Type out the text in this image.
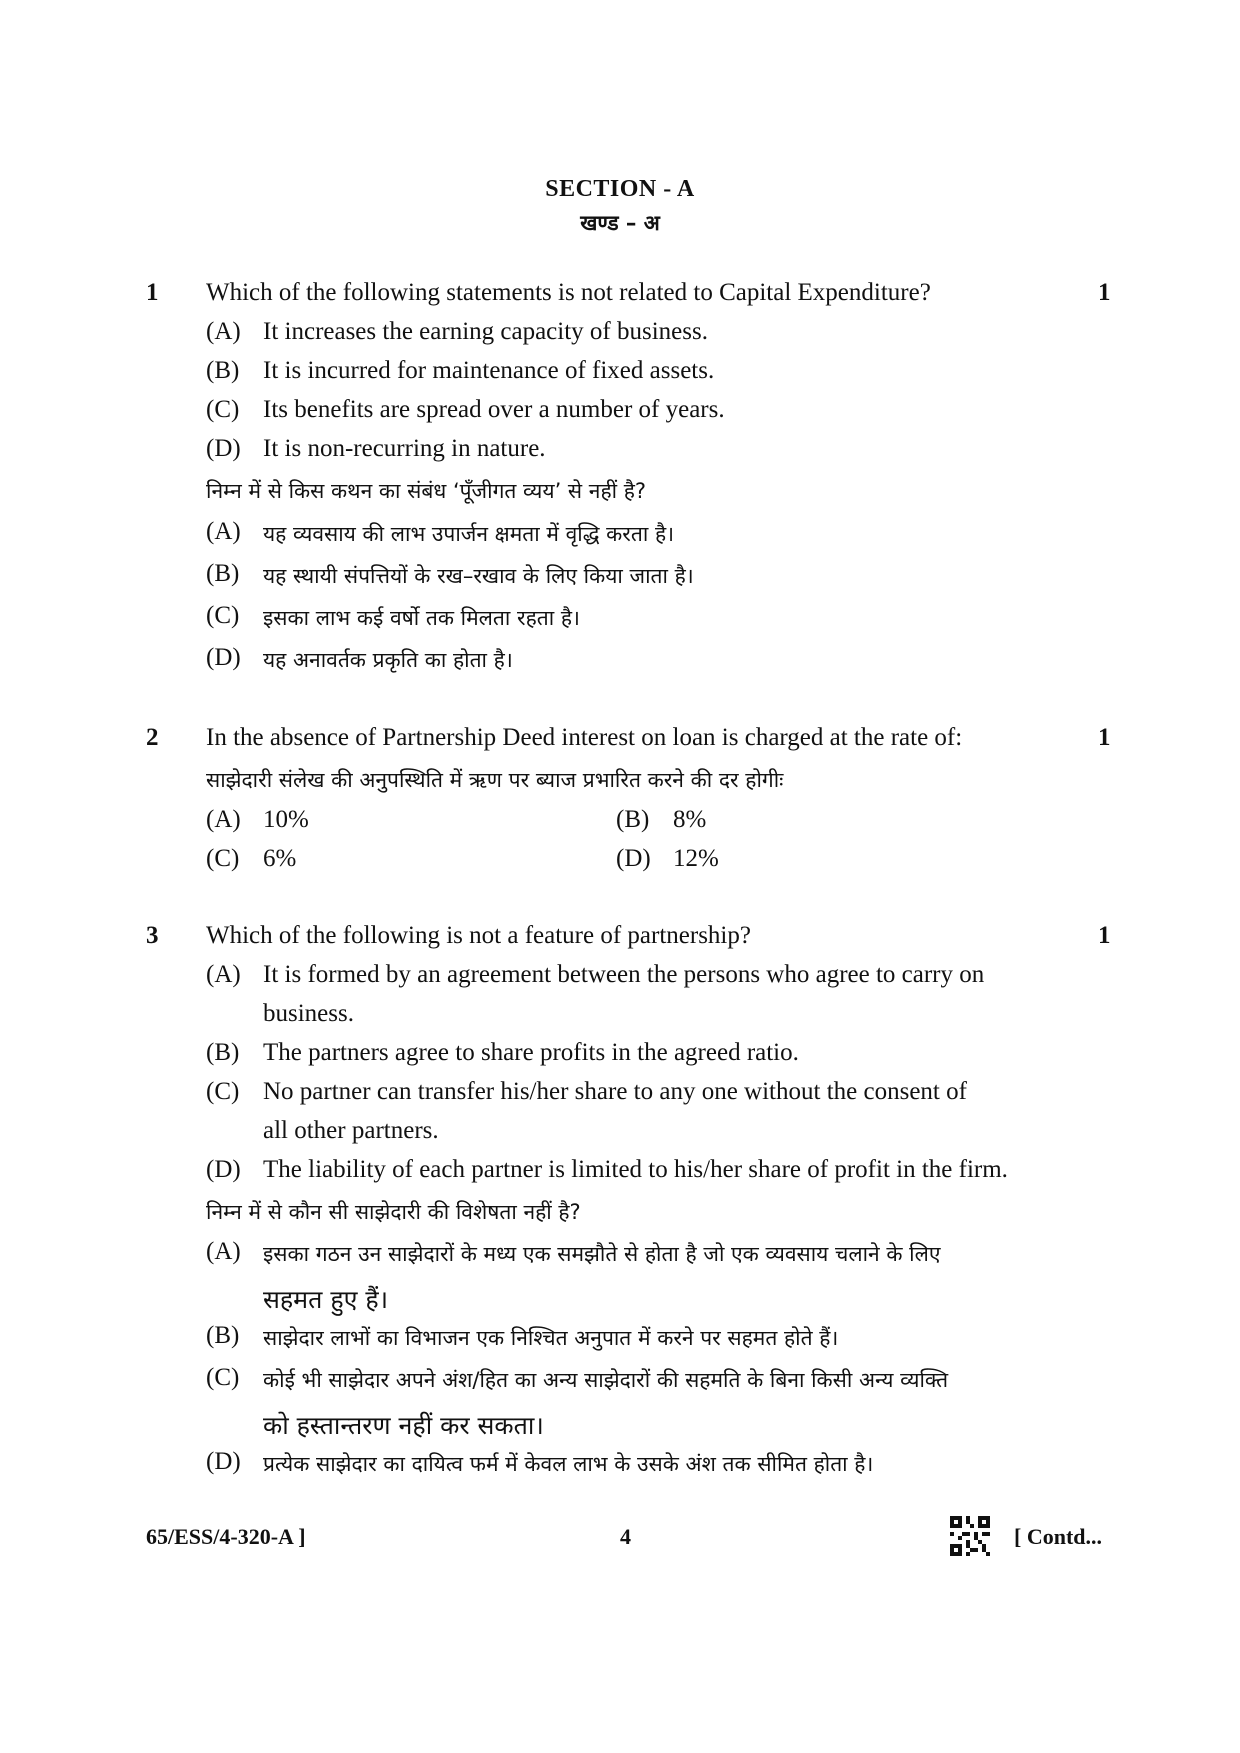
SECTION - A
खण्ड – अ
1 Which of the following statements is not related to Capital Expenditure?	1
(A) It increases the earning capacity of business.
(B) It is incurred for maintenance of fixed assets.
(C) Its benefits are spread over a number of years.
(D) It is non-recurring in nature.
निम्न में से किस कथन का संबंध ‘पूँजीगत व्यय’ से नहीं है?
(A) यह व्यवसाय की लाभ उपार्जन क्षमता में वृद्धि करता है।
(B) यह स्थायी संपत्तियों के रख–रखाव के लिए किया जाता है।
(C) इसका लाभ कई वर्षो तक मिलता रहता है।
(D) यह अनावर्तक प्रकृति का होता है।
2 In the absence of Partnership Deed interest on loan is charged at the rate of:	1
साझेदारी संलेख की अनुपस्थिति में ऋण पर ब्याज प्रभारित करने की दर होगीः
(A) 10%	(B) 8%
(C) 6%	(D) 12%
3 Which of the following is not a feature of partnership?	1
(A) It is formed by an agreement between the persons who agree to carry on
business.
(B) The partners agree to share profits in the agreed ratio.
(C) No partner can transfer his/her share to any one without the consent of
all other partners.
(D) The liability of each partner is limited to his/her share of profit in the firm.
निम्न में से कौन सी साझेदारी की विशेषता नहीं है?
(A) इसका गठन उन साझेदारों के मध्य एक समझौते से होता है जो एक व्यवसाय चलाने के लिए
सहमत हुए हैं।
(B) साझेदार लाभों का विभाजन एक निश्चित अनुपात में करने पर सहमत होते हैं।
(C) कोई भी साझेदार अपने अंश/हित का अन्य साझेदारों की सहमति के बिना किसी अन्य व्यक्ति
को हस्तान्तरण नहीं कर सकता।
(D) प्रत्येक साझेदार का दायित्व फर्म में केवल लाभ के उसके अंश तक सीमित होता है।
65/ESS/4-320-A ]	4	[ Contd...
